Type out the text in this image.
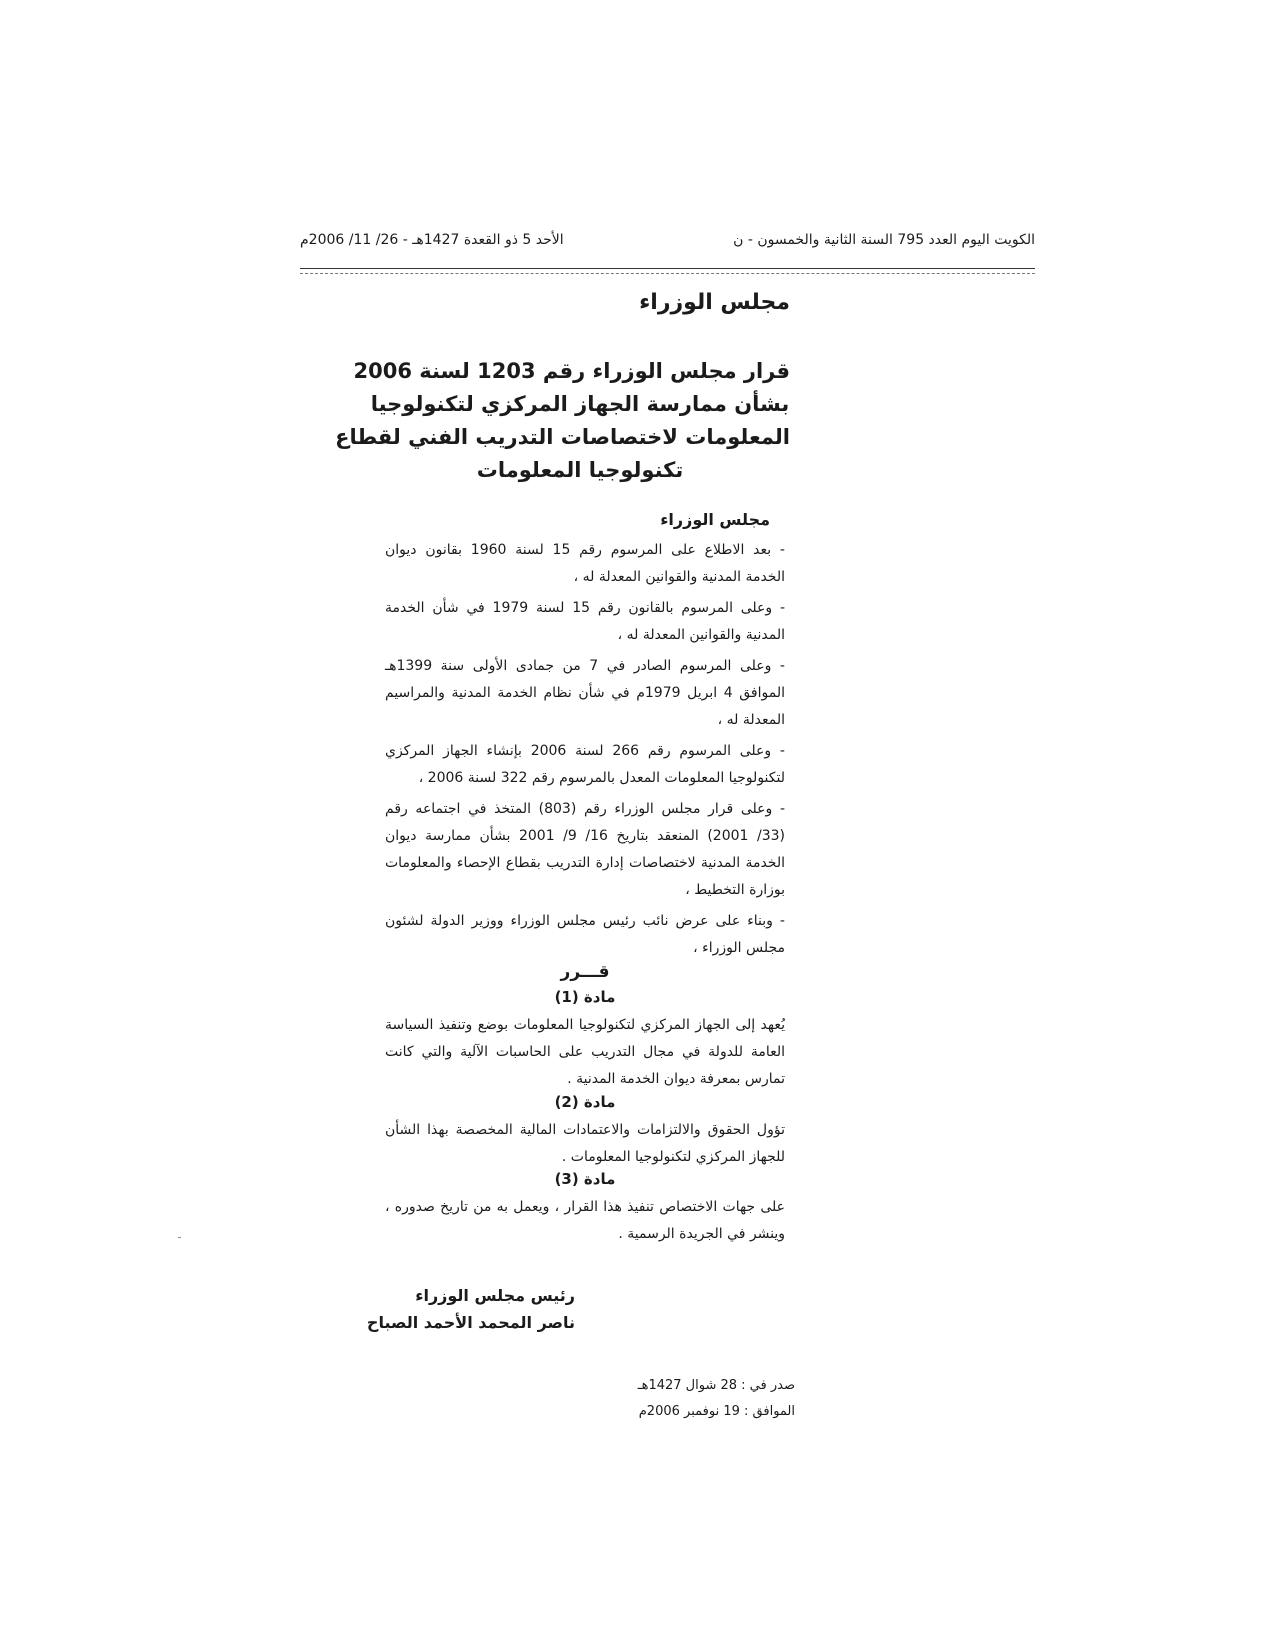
الكويت اليوم العدد 795 السنة الثانية والخمسون - ن
الأحد 5 ذو القعدة 1427هـ - 26/ 11/ 2006م
مجلس الوزراء
قرار مجلس الوزراء رقم 1203 لسنة 2006
بشأن ممارسة الجهاز المركزي لتكنولوجيا
المعلومات لاختصاصات التدريب الفني لقطاع
تكنولوجيا المعلومات
مجلس الوزراء

- بعد الاطلاع على المرسوم رقم 15 لسنة 1960 بقانون ديوان الخدمة المدنية والقوانين المعدلة له ،

- وعلى المرسوم بالقانون رقم 15 لسنة 1979 في شأن الخدمة المدنية والقوانين المعدلة له ،

- وعلى المرسوم الصادر في 7 من جمادى الأولى سنة 1399هـ الموافق 4 ابريل 1979م في شأن نظام الخدمة المدنية والمراسيم المعدلة له ،

- وعلى المرسوم رقم 266 لسنة 2006 بإنشاء الجهاز المركزي لتكنولوجيا المعلومات المعدل بالمرسوم رقم 322 لسنة 2006 ،

- وعلى قرار مجلس الوزراء رقم (803) المتخذ في اجتماعه رقم (33/ 2001) المنعقد بتاريخ 16/ 9/ 2001 بشأن ممارسة ديوان الخدمة المدنية لاختصاصات إدارة التدريب بقطاع الإحصاء والمعلومات بوزارة التخطيط ،

- وبناء على عرض نائب رئيس مجلس الوزراء ووزير الدولة لشئون مجلس الوزراء ،

قـــرر
مادة (1)
يُعهد إلى الجهاز المركزي لتكنولوجيا المعلومات بوضع وتنفيذ السياسة العامة للدولة في مجال التدريب على الحاسبات الآلية والتي كانت تمارس بمعرفة ديوان الخدمة المدنية .
مادة (2)
تؤول الحقوق والالتزامات والاعتمادات المالية المخصصة بهذا الشأن للجهاز المركزي لتكنولوجيا المعلومات .
مادة (3)
على جهات الاختصاص تنفيذ هذا القرار ، ويعمل به من تاريخ صدوره ، وينشر في الجريدة الرسمية .
رئيس مجلس الوزراء
ناصر المحمد الأحمد الصباح
صدر في : 28 شوال 1427هـ
الموافق : 19 نوفمبر 2006م
